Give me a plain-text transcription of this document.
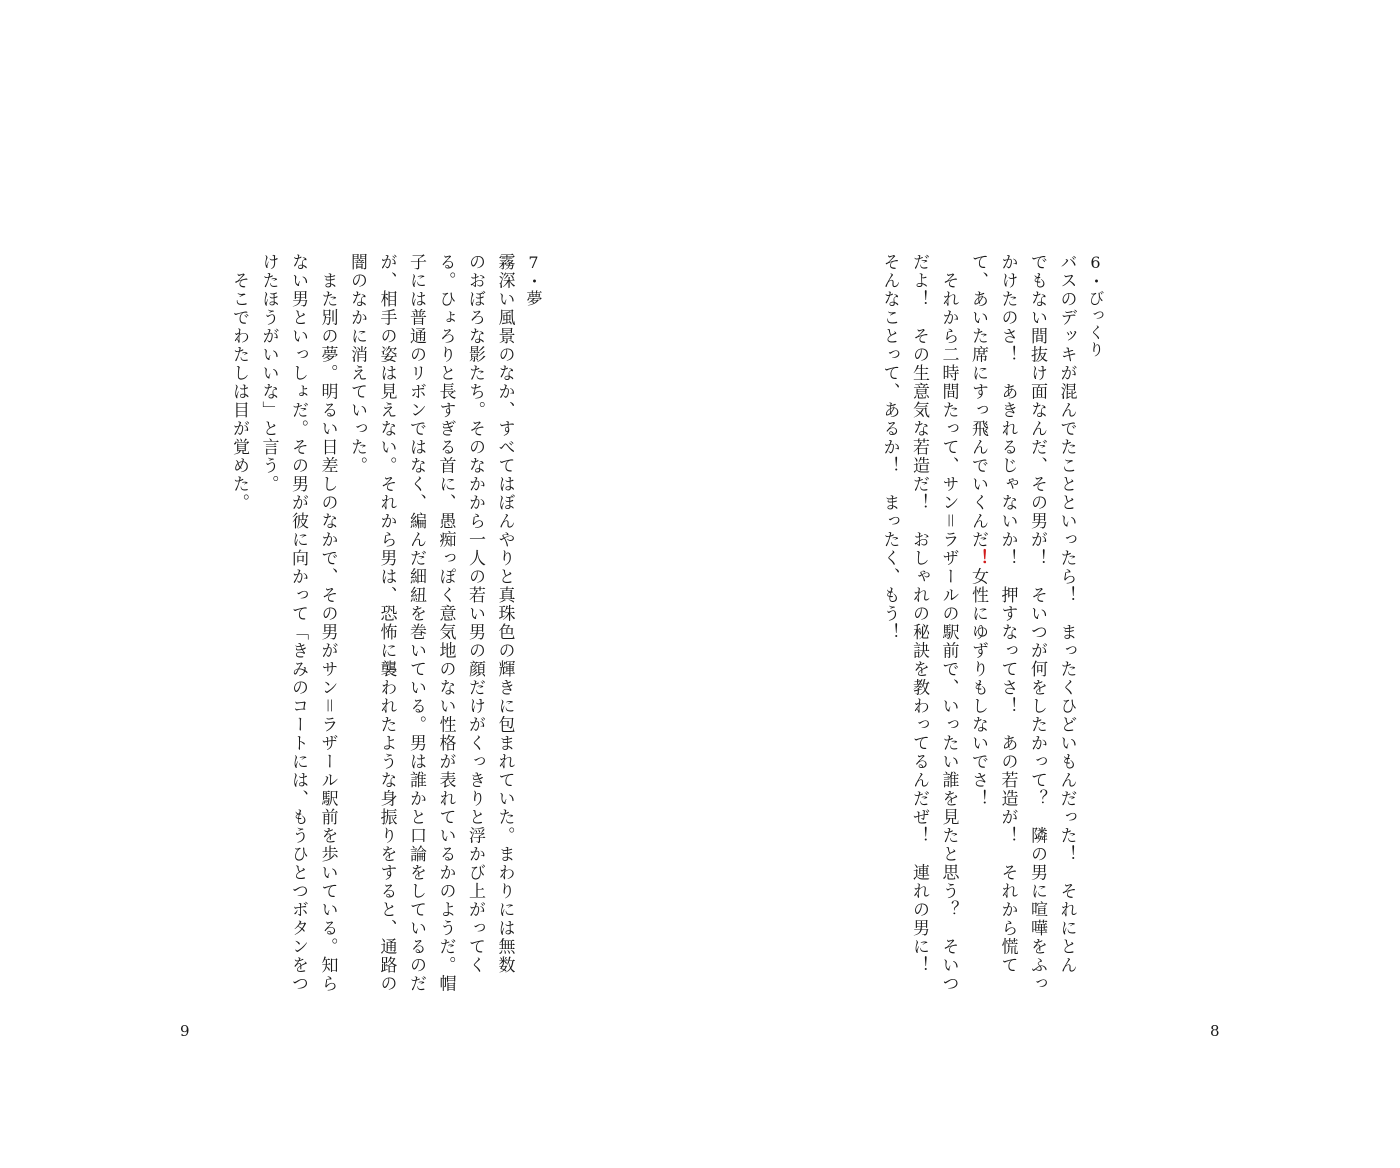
7・夢
霧深い風景のなか、すべてはぼんやりと真珠色の輝きに包まれていた。まわりには無数
のおぼろな影たち。そのなかから一人の若い男の顔だけがくっきりと浮かび上がってく
る。ひょろりと長すぎる首に、愚痴っぽく意気地のない性格が表れているかのようだ。帽
子には普通のリボンではなく、編んだ細紐を巻いている。男は誰かと口論をしているのだ
が、相手の姿は見えない。それから男は、恐怖に襲われたような身振りをすると、通路の
闇のなかに消えていった。
　また別の夢。明るい日差しのなかで、その男がサン＝ラザール駅前を歩いている。知ら
ない男といっしょだ。その男が彼に向かって「きみのコートには、もうひとつボタンをつ
けたほうがいいな」と言う。
　そこでわたしは目が覚めた。
9
6・びっくり
バスのデッキが混んでたことといったら！　まったくひどいもんだった！　それにとん
でもない間抜け面なんだ、その男が！　そいつが何をしたかって？　隣の男に喧嘩をふっ
かけたのさ！　あきれるじゃないか！　押すなってさ！　あの若造が！　それから慌て
て、あいた席にすっ飛んでいくんだ！女性にゆずりもしないでさ！
　それから二時間たって、サン＝ラザールの駅前で、いったい誰を見たと思う？　そいつ
だよ！　その生意気な若造だ！　おしゃれの秘訣を教わってるんだぜ！　連れの男に！
そんなことって、あるか！　まったく、もう！
8
